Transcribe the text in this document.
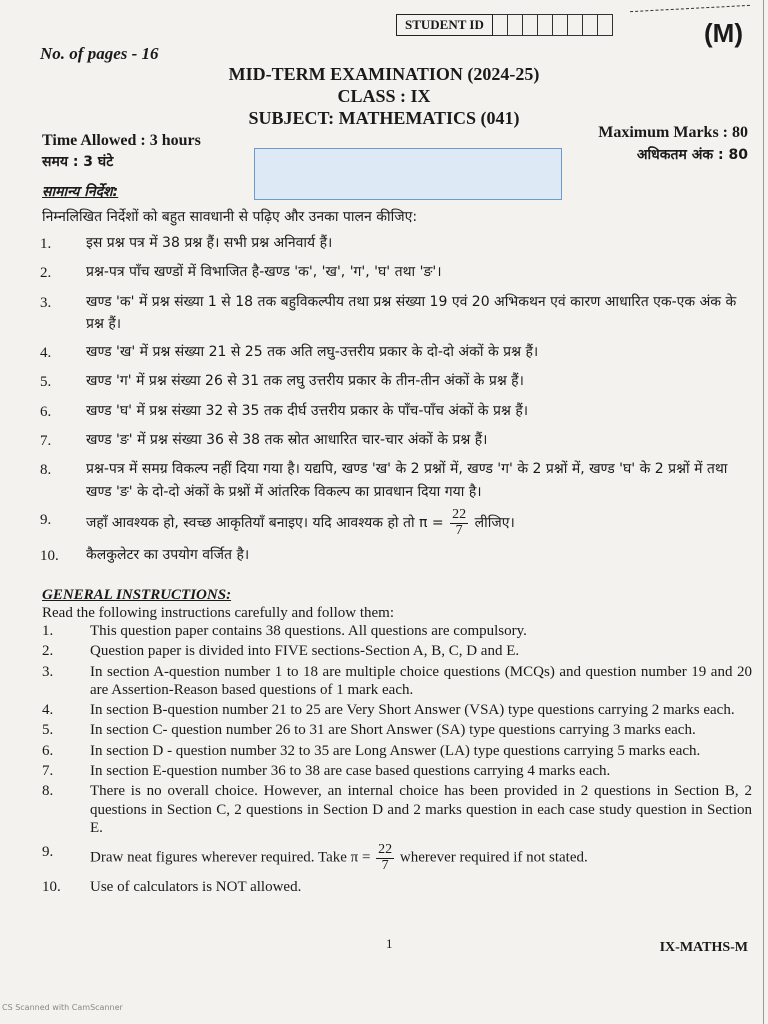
STUDENT ID	(M)
No. of pages - 16
MID-TERM EXAMINATION (2024-25)
CLASS : IX
SUBJECT: MATHEMATICS (041)
Time Allowed : 3 hours
समय : 3 घंटे
Maximum Marks : 80
अधिकतम अंक : 80
सामान्य निर्देश:
निम्नलिखित निर्देशों को बहुत सावधानी से पढ़िए और उनका पालन कीजिए:
1.	इस प्रश्न पत्र में 38 प्रश्न हैं। सभी प्रश्न अनिवार्य हैं।
2.	प्रश्न-पत्र पाँच खण्डों में विभाजित है-खण्ड 'क', 'ख', 'ग', 'घ' तथा 'ङ'।
3.	खण्ड 'क' में प्रश्न संख्या 1 से 18 तक बहुविकल्पीय तथा प्रश्न संख्या 19 एवं 20 अभिकथन एवं कारण आधारित एक-एक अंक के प्रश्न हैं।
4.	खण्ड 'ख' में प्रश्न संख्या 21 से 25 तक अति लघु-उत्तरीय प्रकार के दो-दो अंकों के प्रश्न हैं।
5.	खण्ड 'ग' में प्रश्न संख्या 26 से 31 तक लघु उत्तरीय प्रकार के तीन-तीन अंकों के प्रश्न हैं।
6.	खण्ड 'घ' में प्रश्न संख्या 32 से 35 तक दीर्घ उत्तरीय प्रकार के पाँच-पाँच अंकों के प्रश्न हैं।
7.	खण्ड 'ङ' में प्रश्न संख्या 36 से 38 तक स्रोत आधारित चार-चार अंकों के प्रश्न हैं।
8.	प्रश्न-पत्र में समग्र विकल्प नहीं दिया गया है। यद्यपि, खण्ड 'ख' के 2 प्रश्नों में, खण्ड 'ग' के 2 प्रश्नों में, खण्ड 'घ' के 2 प्रश्नों में तथा खण्ड 'ङ' के दो-दो अंकों के प्रश्नों में आंतरिक विकल्प का प्रावधान दिया गया है।
9.	जहाँ आवश्यक हो, स्वच्छ आकृतियाँ बनाइए। यदि आवश्यक हो तो $\pi = \frac{22}{7}$ लीजिए।
10.	कैलकुलेटर का उपयोग वर्जित है।
GENERAL INSTRUCTIONS:
Read the following instructions carefully and follow them:
1.	This question paper contains 38 questions. All questions are compulsory.
2.	Question paper is divided into FIVE sections-Section A, B, C, D and E.
3.	In section A-question number 1 to 18 are multiple choice questions (MCQs) and question number 19 and 20 are Assertion-Reason based questions of 1 mark each.
4.	In section B-question number 21 to 25 are Very Short Answer (VSA) type questions carrying 2 marks each.
5.	In section C- question number 26 to 31 are Short Answer (SA) type questions carrying 3 marks each.
6.	In section D - question number 32 to 35 are Long Answer (LA) type questions carrying 5 marks each.
7.	In section E-question number 36 to 38 are case based questions carrying 4 marks each.
8.	There is no overall choice. However, an internal choice has been provided in 2 questions in Section B, 2 questions in Section C, 2 questions in Section D and 2 marks question in each case study question in Section E.
9.	Draw neat figures wherever required. Take $\pi = \frac{22}{7}$ wherever required if not stated.
10.	Use of calculators is NOT allowed.
1	IX-MATHS-M
CS Scanned with CamScanner
